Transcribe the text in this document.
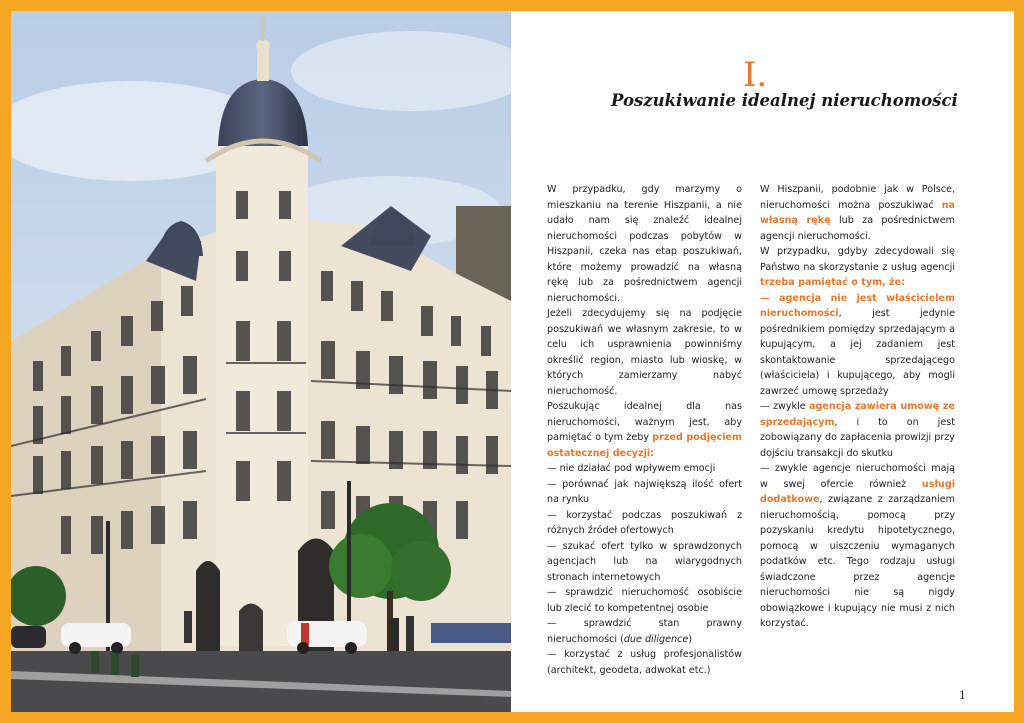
I.
Poszukiwanie idealnej nieruchomości

W przypadku, gdy marzymy o mieszkaniu na terenie Hiszpanii, a nie udało nam się znaleźć idealnej nieruchomości podczas pobytów w Hiszpanii, czeka nas etap poszukiwań, które możemy prowadzić na własną rękę lub za pośrednictwem agencji nieruchomości.

Jeżeli zdecydujemy się na podjęcie poszukiwań we własnym zakresie, to w celu ich usprawnienia powinniśmy określić region, miasto lub wioskę, w których zamierzamy nabyć nieruchomość.

Poszukując idealnej dla nas nieruchomości, ważnym jest, aby pamiętać o tym żeby przed podjęciem ostatecznej decyzji:

— nie działać pod wpływem emocji

— porównać jak największą ilość ofert na rynku

— korzystać podczas poszukiwań z różnych źródeł ofertowych

— szukać ofert tylko w sprawdzonych agencjach lub na wiarygodnych stronach internetowych

— sprawdzić nieruchomość osobiście lub zlecić to kompetentnej osobie

— sprawdzić stan prawny nieruchomości (due diligence)

— korzystać z usług profesjonalistów (architekt, geodeta, adwokat etc.)

W Hiszpanii, podobnie jak w Polsce, nieruchomości można poszukiwać na własną rękę lub za pośrednictwem agencji nieruchomości.

W przypadku, gdyby zdecydowali się Państwo na skorzystanie z usług agencji trzeba pamiętać o tym, że:

— agencja nie jest właścicielem nieruchomości, jest jedynie pośrednikiem pomiędzy sprzedającym a kupującym, a jej zadaniem jest skontaktowanie sprzedającego (właściciela) i kupującego, aby mogli zawrzeć umowę sprzedaży

— zwykle agencja zawiera umowę ze sprzedającym, i to on jest zobowiązany do zapłacenia prowizji przy dojściu transakcji do skutku

— zwykle agencje nieruchomości mają w swej ofercie również usługi dodatkowe, związane z zarządzaniem nieruchomością, pomocą przy pozyskaniu kredytu hipotetycznego, pomocą w uiszczeniu wymaganych podatków etc. Tego rodzaju usługi świadczone przez agencje nieruchomości nie są nigdy obowiązkowe i kupujący nie musi z nich korzystać.

1
